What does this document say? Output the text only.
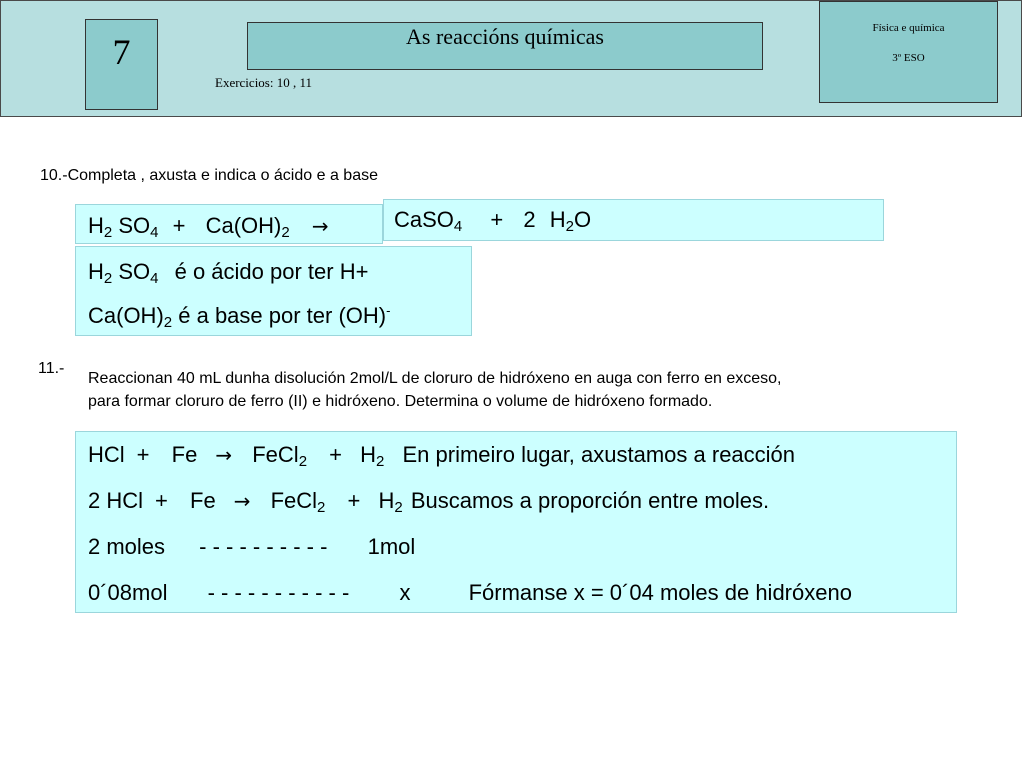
7	As reaccións químicas
Exercicios: 10 , 11
Física e química
3º ESO
10.-Completa , axusta e indica o ácido e a base
$H_2$ $SO_4 + Ca(OH)_2$ →	CaSO$_4$ + 2 $H_2O$
$H_2$ $SO_4$ é o ácido por ter H+
$Ca(OH)_2$ é a base por ter (OH)-
11.-
Reaccionan 40 mL dunha disolución 2mol/L de cloruro de hidróxeno en auga con ferro en exceso,
para formar cloruro de ferro (II) e hidróxeno. Determina o volume de hidróxeno formado.
HCl + Fe → FeCl$_2$ + $H_2$ En primeiro lugar, axustamos a reacción
2 HCl + Fe → FeCl$_2$ + $H_2$ Buscamos a proporción entre moles.
2 moles - - - - - - - - - - 1mol
0´08mol - - - - - - - - - - - x	Fórmanse x = 0´04 moles de hidróxeno
